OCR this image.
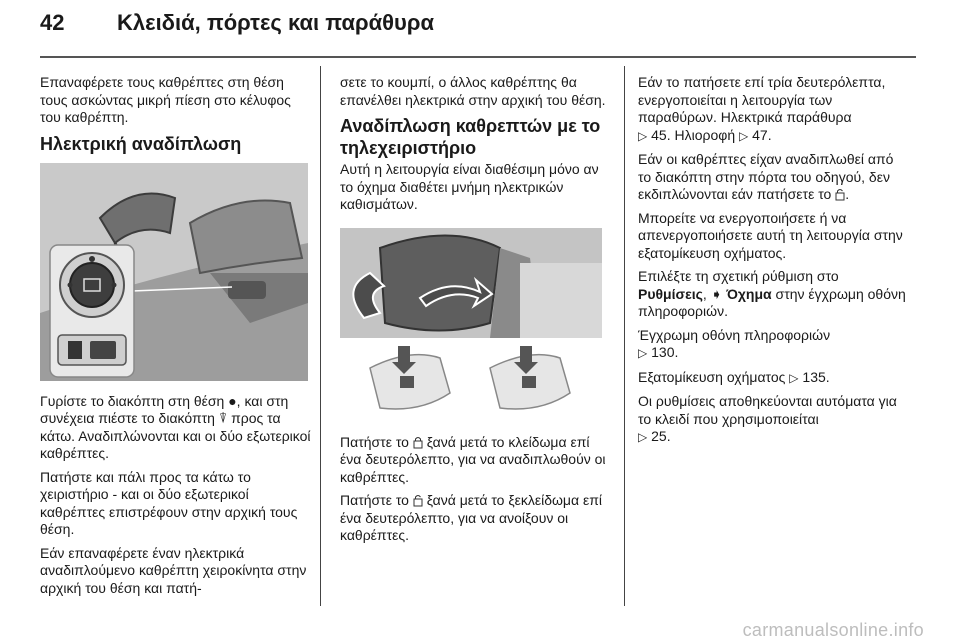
42 Κλειδιά, πόρτες και παράθυρα

Επαναφέρετε τους καθρέπτες στη θέση τους ασκώντας μικρή πίεση στο κέλυφος του καθρέπτη.

Ηλεκτρική αναδίπλωση

Γυρίστε το διακόπτη στη θέση ●, και στη συνέχεια πιέστε το διακόπτη ⍒ προς τα κάτω. Αναδιπλώνονται και οι δύο εξωτερικοί καθρέπτες.

Πατήστε και πάλι προς τα κάτω το χειριστήριο - και οι δύο εξωτερικοί καθρέπτες επιστρέφουν στην αρχική τους θέση.

Εάν επαναφέρετε έναν ηλεκτρικά αναδιπλούμενο καθρέπτη χειροκίνητα στην αρχική του θέση και πατή-

σετε το κουμπί, ο άλλος καθρέπτης θα επανέλθει ηλεκτρικά στην αρχική του θέση.

Αναδίπλωση καθρεπτών με το τηλεχειριστήριο

Αυτή η λειτουργία είναι διαθέσιμη μόνο αν το όχημα διαθέτει μνήμη ηλεκτρικών καθισμάτων.

Πατήστε το ξανά μετά το κλείδωμα επί ένα δευτερόλεπτο, για να αναδιπλωθούν οι καθρέπτες.

Πατήστε το ξανά μετά το ξεκλείδωμα επί ένα δευτερόλεπτο, για να ανοίξουν οι καθρέπτες.

Εάν το πατήσετε επί τρία δευτερόλεπτα, ενεργοποιείται η λειτουργία των παραθύρων. Ηλεκτρικά παράθυρα
▷ 45. Ηλιοροφή ▷ 47.

Εάν οι καθρέπτες είχαν αναδιπλωθεί από το διακόπτη στην πόρτα του οδηγού, δεν εκδιπλώνονται εάν πατήσετε το .

Μπορείτε να ενεργοποιήσετε ή να απενεργοποιήσετε αυτή τη λειτουργία στην εξατομίκευση οχήματος.

Επιλέξτε τη σχετική ρύθμιση στο
Ρυθμίσεις, ➧ Όχημα στην έγχρωμη οθόνη πληροφοριών.

Έγχρωμη οθόνη πληροφοριών
▷ 130.

Εξατομίκευση οχήματος ▷ 135.

Οι ρυθμίσεις αποθηκεύονται αυτόματα για το κλειδί που χρησιμοποιείται
▷ 25.

carmanualsonline.info
